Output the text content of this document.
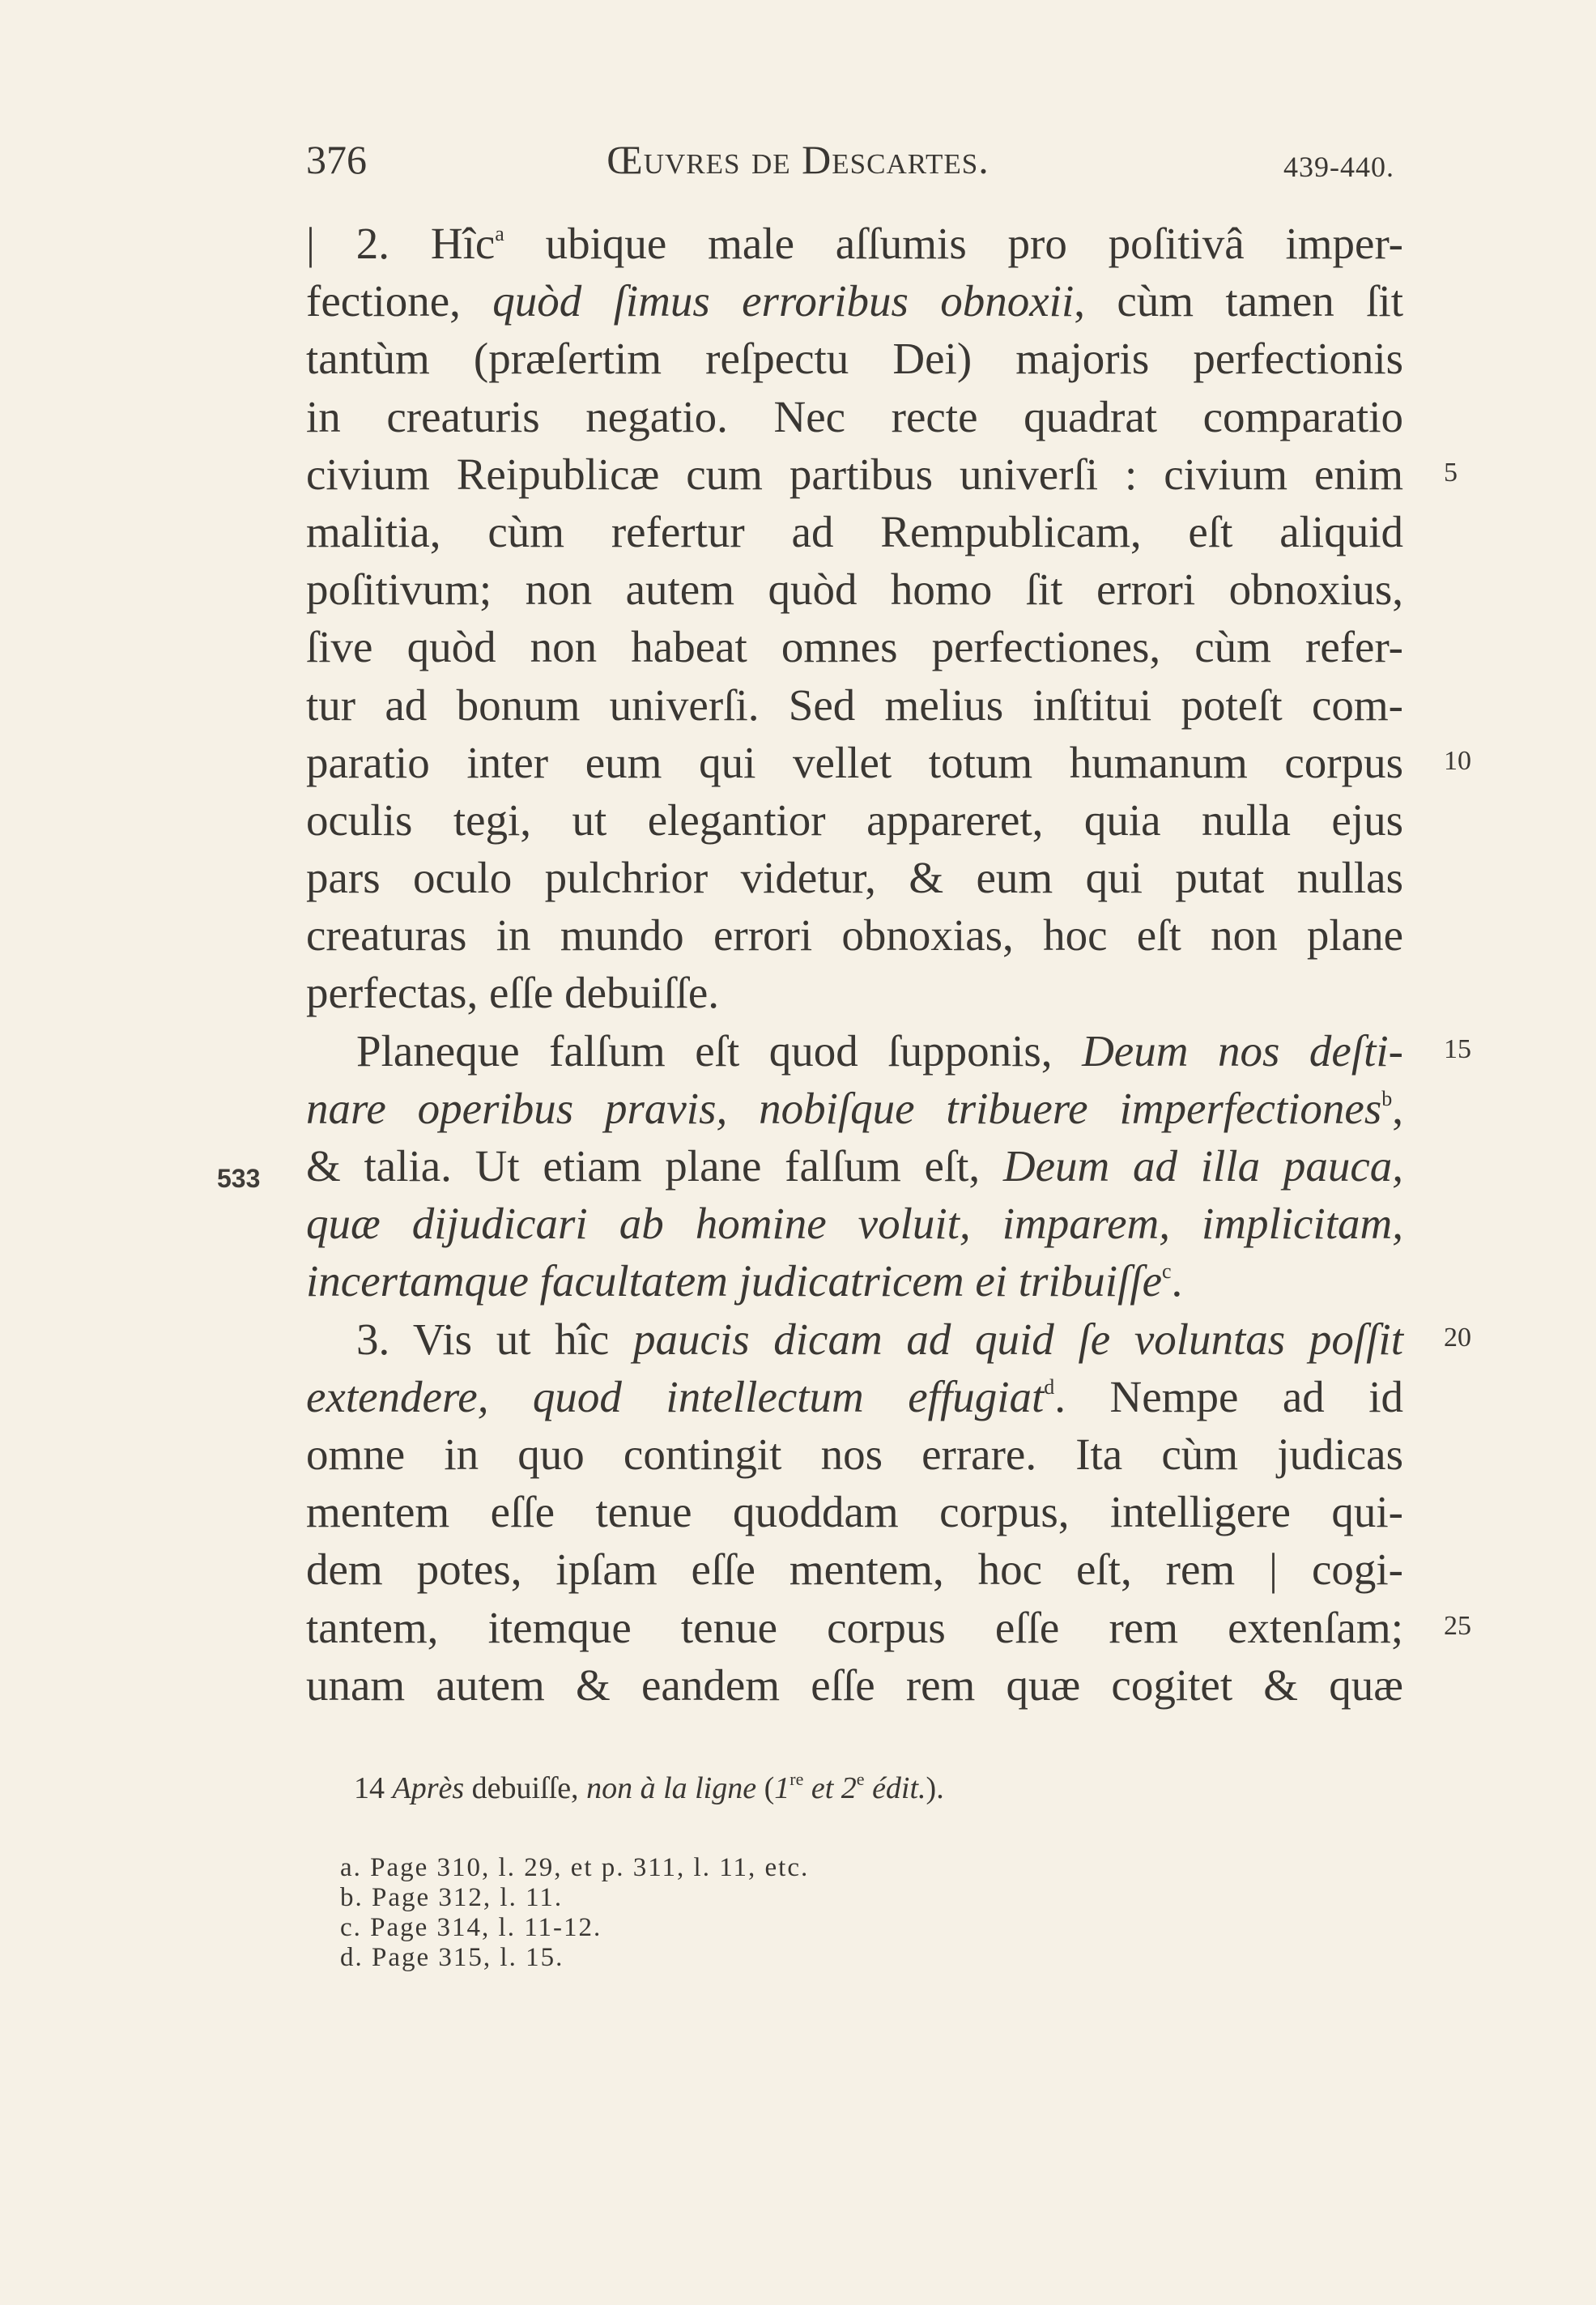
376	Œuvres de Descartes.	439-440.
| 2. Hîc$^a$ ubique male aſſumis pro poſitivâ imper-
fectione, quòd ſimus erroribus obnoxii, cùm tamen ſit
tantùm (præſertim reſpectu Dei) majoris perfectionis
in creaturis negatio. Nec recte quadrat comparatio
civium Reipublicæ cum partibus univerſi : civium enim
malitia, cùm refertur ad Rempublicam, eſt aliquid
poſitivum; non autem quòd homo ſit errori obnoxius,
ſive quòd non habeat omnes perfectiones, cùm refer-
tur ad bonum univerſi. Sed melius inſtitui poteſt com-
paratio inter eum qui vellet totum humanum corpus
oculis tegi, ut elegantior appareret, quia nulla ejus
pars oculo pulchrior videtur, & eum qui putat nullas
creaturas in mundo errori obnoxias, hoc eſt non plane
perfectas, eſſe debuiſſe.
Planeque falſum eſt quod ſupponis, Deum nos deſti-
nare operibus pravis, nobiſque tribuere imperfectiones$^b$,
& talia. Ut etiam plane falſum eſt, Deum ad illa pauca,
quæ dijudicari ab homine voluit, imparem, implicitam,
incertamque facultatem judicatricem ei tribuiſſe$^c$.
3. Vis ut hîc paucis dicam ad quid ſe voluntas poſſit
extendere, quod intellectum effugiat$^d$. Nempe ad id
omne in quo contingit nos errare. Ita cùm judicas
mentem eſſe tenue quoddam corpus, intelligere qui-
dem potes, ipſam eſſe mentem, hoc eſt, rem | cogi-
tantem, itemque tenue corpus eſſe rem extenſam;
unam autem & eandem eſſe rem quæ cogitet & quæ
5
10
15
20
25
533
14 Après debuiſſe, non à la ligne (1re et 2e édit.).
a. Page 310, l. 29, et p. 311, l. 11, etc.
b. Page 312, l. 11.
c. Page 314, l. 11-12.
d. Page 315, l. 15.
